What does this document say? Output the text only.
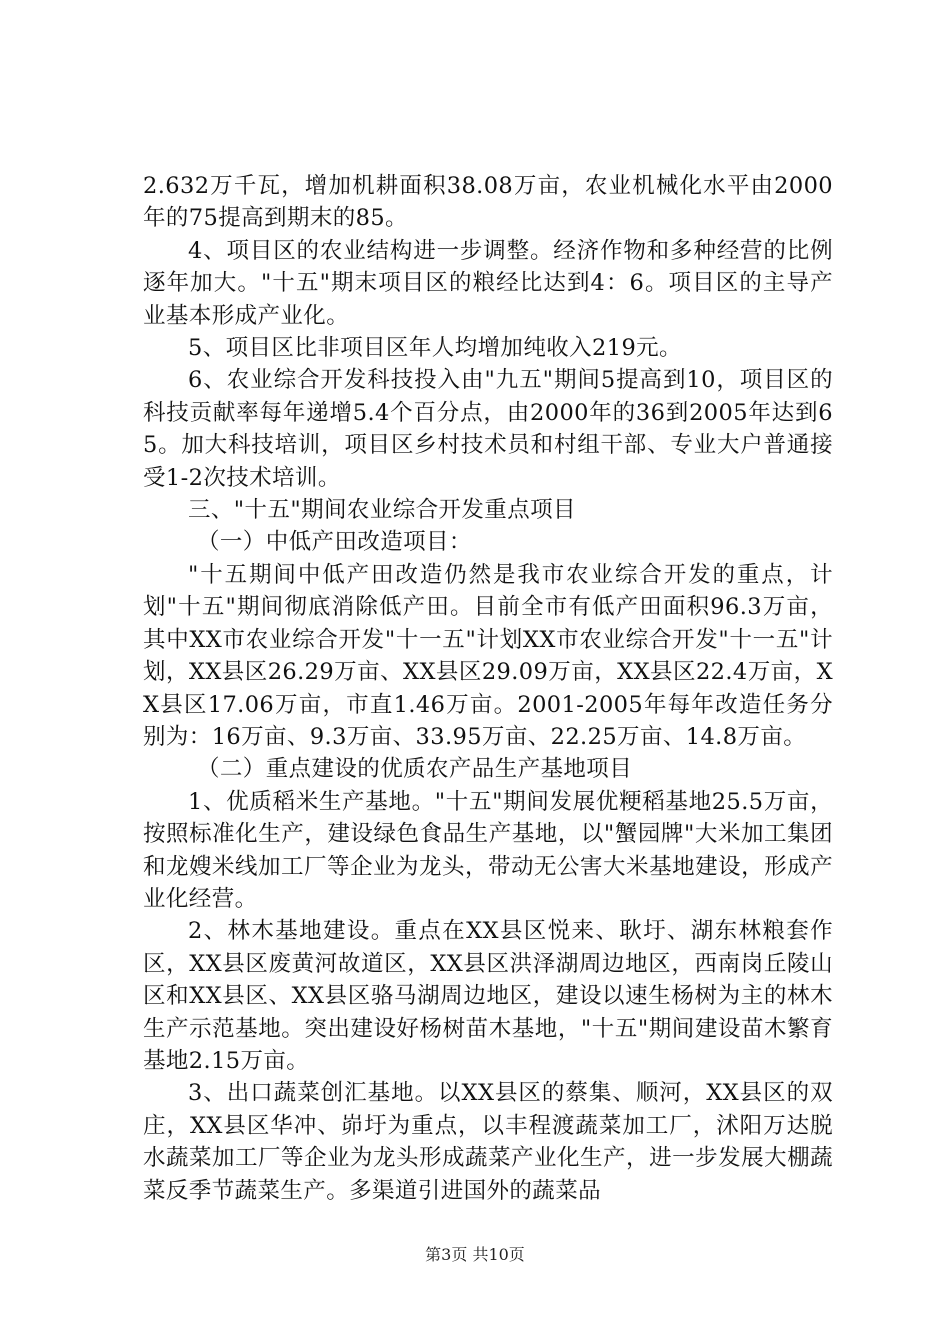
2.632万千瓦，增加机耕面积38.08万亩，农业机械化水平由2000年的75提高到期末的85。

4、项目区的农业结构进一步调整。经济作物和多种经营的比例逐年加大。"十五"期末项目区的粮经比达到4：6。项目区的主导产业基本形成产业化。

5、项目区比非项目区年人均增加纯收入219元。

6、农业综合开发科技投入由"九五"期间5提高到10，项目区的科技贡献率每年递增5.4个百分点，由2000年的36到2005年达到65。加大科技培训，项目区乡村技术员和村组干部、专业大户普通接受1-2次技术培训。

三、"十五"期间农业综合开发重点项目

（一）中低产田改造项目：

"十五期间中低产田改造仍然是我市农业综合开发的重点，计划"十五"期间彻底消除低产田。目前全市有低产田面积96.3万亩，其中XX市农业综合开发"十一五"计划XX市农业综合开发"十一五"计划，XX县区26.29万亩、XX县区29.09万亩，XX县区22.4万亩，XX县区17.06万亩，市直1.46万亩。2001-2005年每年改造任务分别为：16万亩、9.3万亩、33.95万亩、22.25万亩、14.8万亩。

（二）重点建设的优质农产品生产基地项目

1、优质稻米生产基地。"十五"期间发展优粳稻基地25.5万亩，按照标准化生产，建设绿色食品生产基地，以"蟹园牌"大米加工集团和龙嫂米线加工厂等企业为龙头，带动无公害大米基地建设，形成产业化经营。

2、林木基地建设。重点在XX县区悦来、耿圩、湖东林粮套作区，XX县区废黄河故道区，XX县区洪泽湖周边地区，西南岗丘陵山区和XX县区、XX县区骆马湖周边地区，建设以速生杨树为主的林木生产示范基地。突出建设好杨树苗木基地，"十五"期间建设苗木繁育基地2.15万亩。

3、出口蔬菜创汇基地。以XX县区的蔡集、顺河，XX县区的双庄，XX县区华冲、峁圩为重点，以丰程渡蔬菜加工厂，沭阳万达脱水蔬菜加工厂等企业为龙头形成蔬菜产业化生产，进一步发展大棚蔬菜反季节蔬菜生产。多渠道引进国外的蔬菜品

第3页 共10页
